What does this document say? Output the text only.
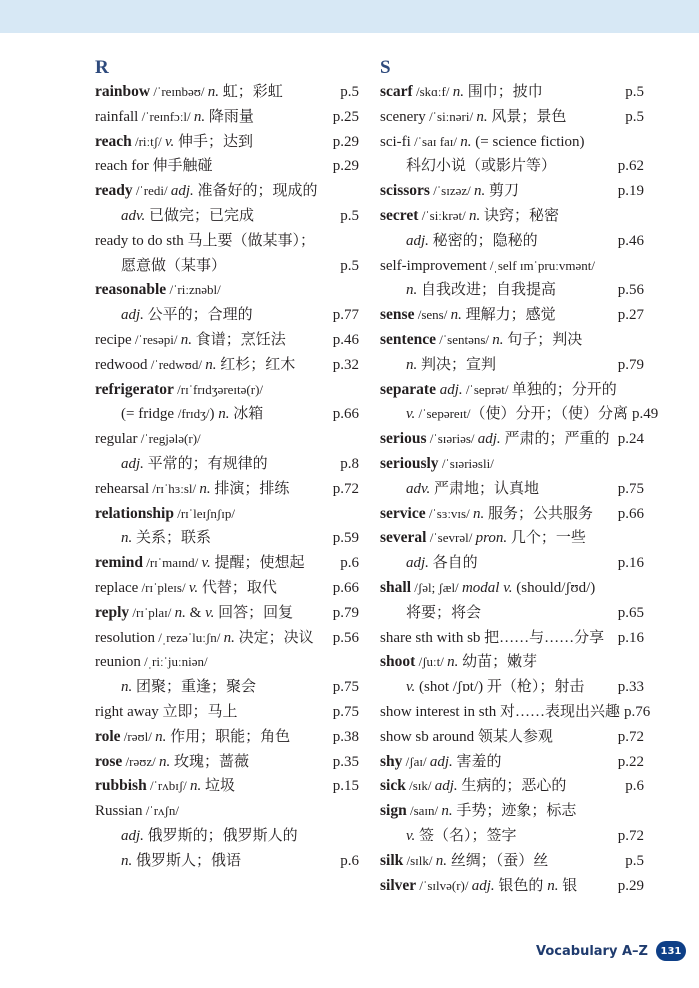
R
rainbow /ˈreɪnbəʊ/ n. 虹；彩虹	p.5
rainfall /ˈreɪnfɔːl/ n. 降雨量	p.25
reach /riːtʃ/ v. 伸手；达到	p.29
reach for 伸手触碰	p.29
ready /ˈredi/ adj. 准备好的；现成的
adv. 已做完；已完成	p.5
ready to do sth 马上要（做某事）；
愿意做（某事）	p.5
reasonable /ˈriːznəbl/
adj. 公平的；合理的	p.77
recipe /ˈresəpi/ n. 食谱；烹饪法	p.46
redwood /ˈredwʊd/ n. 红杉；红木	p.32
refrigerator /rɪˈfrɪdʒəreɪtə(r)/
(= fridge /frɪdʒ/) n. 冰箱	p.66
regular /ˈregjələ(r)/
adj. 平常的；有规律的	p.8
rehearsal /rɪˈhɜːsl/ n. 排演；排练	p.72
relationship /rɪˈleɪʃnʃɪp/
n. 关系；联系	p.59
remind /rɪˈmaɪnd/ v. 提醒；使想起 p.6
replace /rɪˈpleɪs/ v. 代替；取代	p.66
reply /rɪˈplaɪ/ n. & v. 回答；回复	p.79
resolution /ˌrezəˈluːʃn/ n. 决定；决议 p.56
reunion /ˌriːˈjuːniən/
n. 团聚；重逢；聚会	p.75
right away 立即；马上	p.75
role /rəʊl/ n. 作用；职能；角色	p.38
rose /rəʊz/ n. 玫瑰；蔷薇	p.35
rubbish /ˈrʌbɪʃ/ n. 垃圾	p.15
Russian /ˈrʌʃn/
adj. 俄罗斯的；俄罗斯人的
n. 俄罗斯人；俄语	p.6
S
scarf /skɑːf/ n. 围巾；披巾	p.5
scenery /ˈsiːnəri/ n. 风景；景色	p.5
sci-fi /ˈsaɪ faɪ/ n. (= science fiction)
科幻小说（或影片等）	p.62
scissors /ˈsɪzəz/ n. 剪刀	p.19
secret /ˈsiːkrət/ n. 诀窍；秘密
adj. 秘密的；隐秘的	p.46
self-improvement /ˌself ɪmˈpruːvmənt/
n. 自我改进；自我提高	p.56
sense /sens/ n. 理解力；感觉	p.27
sentence /ˈsentəns/ n. 句子；判决
n. 判决；宣判	p.79
separate adj. /ˈseprət/ 单独的；分开的
v. /ˈsepəreɪt/（使）分开；（使）分离 p.49
serious /ˈsɪəriəs/ adj. 严肃的；严重的 p.24
seriously /ˈsɪəriəsli/
adv. 严肃地；认真地	p.75
service /ˈsɜːvɪs/ n. 服务；公共服务 p.66
several /ˈsevrəl/ pron. 几个；一些
adj. 各自的	p.16
shall /ʃəl; ʃæl/ modal v. (should/ʃʊd/)
将要；将会	p.65
share sth with sb 把……与……分享 p.16
shoot /ʃuːt/ n. 幼苗；嫩芽
v. (shot /ʃɒt/) 开（枪）；射击 p.33
show interest in sth 对……表现出兴趣 p.76
show sb around 领某人参观	p.72
shy /ʃaɪ/ adj. 害羞的	p.22
sick /sɪk/ adj. 生病的；恶心的	p.6
sign /saɪn/ n. 手势；迹象；标志
v. 签（名）；签字	p.72
silk /sɪlk/ n. 丝绸；（蚕）丝	p.5
silver /ˈsɪlvə(r)/ adj. 银色的 n. 银	p.29
Vocabulary A–Z	131
